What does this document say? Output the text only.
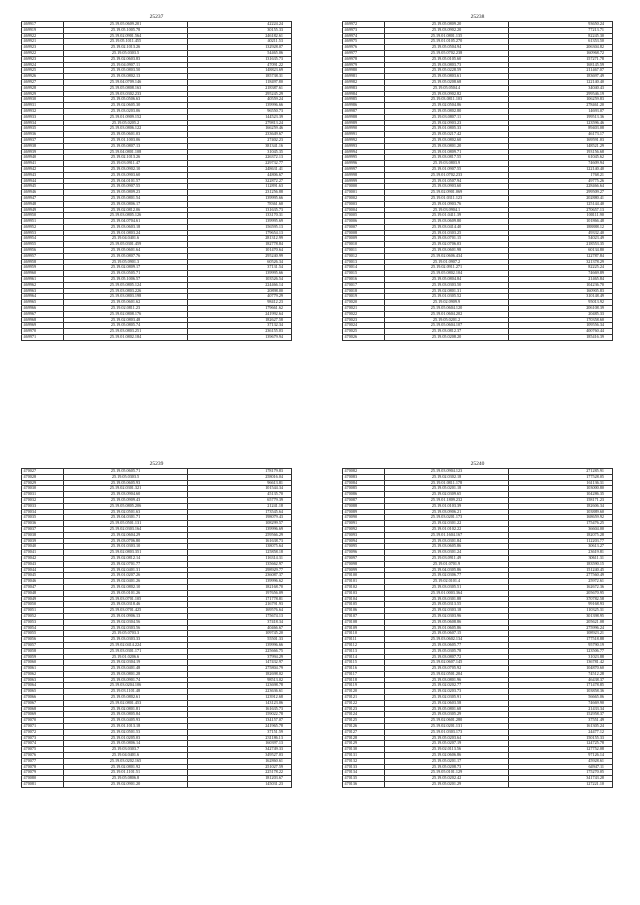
25237
469917	25.19.05.0609.201	42224.24
469919	25.19.05.1005.78	30155.33
469922	25.19.02.0901.564	246182.61
469921	25.19.05.1011.455	40211.53
469923	25.19.02.1013.26	132928.07
469922	25.19.05.0303.5	54465.06
469923	25.19.02.0603.83	131635.73
469924	25.19.04.0907.11	47091.22
469925	25.19.05.0803.50	148823.69
469926	25.19.03.0802.13	185738.31
469927	25.19.04.0709.146	118497.80
469928	25.19.05.0808.163	218387.61
469929	25.19.03.0302.233	295245.29
469930	25.19.05.0506.63	40559.24
469931	25.19.02.0605.30	139996.66
469932	25.19.03.0203.06	96550.73
469933	25.19.01.0909.152	144523.39
469934	25.19.05.0205.2	279813.24
469935	25.19.03.0806.122	166259.46
469936	25.19.05.0601.03	233649.67
469937	25.19.01.1003.06	27402.23
469938	25.19.05.0807.13	381341.16
469939	25.19.04.0801.108	31045.35
469940	25.19.02.1013.26	226372.13
469941	25.19.03.0911.47	229732.77
469942	25.19.03.0902.10	248631.41
469943	25.19.03.0903.60	44806.67
469944	25.19.04.0101.57	322872.27
469945	25.19.05.0907.55	112891.63
469946	25.19.05.0809.23	231256.88
469947	25.19.05.0801.54	139995.66
469948	25.19.03.0806.17	78361.60
469949	25.19.02.0812.06	131635.73
469950	25.19.03.0805.126	133170.31
469951	25.19.04.0704.61	139995.69
469952	25.19.03.0603.18	156595.13
469953	25.19.01.0803.24	179654.13
469954	25.19.04.0401.6	281312.99
469955	25.19.05.0301.459	182778.84
469956	25.19.05.0601.64	101470.64
469957	25.19.05.0807.76	295240.99
469958	25.19.05.0901.3	60526.34
469959	25.19.02.0809.17	37131.54
469960	25.19.03.0505.71	139995.66
469961	25.19.05.1006.57	103526.54
469962	25.19.05.0805.124	224466.14
469963	25.19.03.0803.226	20898.00
469964	25.19.03.0803.198	40779.29
469965	25.19.05.0601.62	98412.23
469966	25.19.02.0811.23	179661.62
469967	25.19.02.0808.176	241992.64
469968	25.19.02.0803.48	182627.58
469969	25.19.05.0805.74	37132.34
469970	25.19.03.0803.251	236155.03
469971	25.19.01.0802.184	139679.94
25238
469972	25.19.05.0809.20	93650.24
469973	25.19.03.0902.20	77213.71
469974	25.19.01.0801.135	82245.30
469975	25.19.01.0105.270	61353.50
469976	25.19.05.0504.94	206304.82
469977	25.19.05.0702.238	160968.72
469978	25.19.05.0105.60	157271.78
469979	25.19.03.0803.73	168145.59
469980	25.19.05.0228.59	211467.07
469981	25.19.05.0803.61	183697.49
469982	25.19.05.0208.68	122140.40
469983	25.19.05.0504.4	34040.43
469984	25.19.03.0902.82	299546.19
469985	25.19.03.0811.103	106259.83
469986	25.19.02.0504.86	278461.20
469987	25.19.05.0802.80	14693.07
469988	25.19.03.0807.11	199513.36
469989	25.19.02.0903.23	123596.46
469990	25.19.01.0805.33	89403.08
469991	25.19.05.0217.42	46173.17
469992	25.19.03.0802.60	169591.03
469993	25.19.03.0801.20	148521.29
469994	25.19.01.0809.71	193156.68
469995	25.19.03.0817.55	61045.62
469996	25.19.03.0803.9	74609.94
469997	25.19.01.0907.55	122140.40
469998	25.19.01.0702.233	1768.21
469999	25.19.01.0507.94	49775.26
470000	25.19.03.0903.60	228466.64
470001	25.19.02.0901.069	299509.27
470002	25.19.01.0311.123	202880.41
470003	25.19.01.0903.76	125144.40
470004	25.19.03.0904.1	270657.13
470005	25.19.01.0411.39	100111.90
470006	25.19.03.0609.80	101866.48
470007	25.19.03.0414.40	188888.12
470008	25.19.01.0303.25	49332.40
470009	25.19.03.0701.15	54023.49
470010	25.19.02.0706.03	218553.35
470011	25.19.03.0601.98	60134.80
470012	25.19.02.0606.434	122787.84
470013	25.19.01.0907.2	321378.29
470014	25.19.02.0911.271	82225.24
470015	25.19.05.0802.104	74669.89
470016	25.19.05.0804.84	21465.84
470017	25.19.03.0303.50	104236.70
470018	25.19.02.0801.31	160905.83
470019	25.19.01.0305.52	310148.49
470020	25.19.02.0909.9	95013.92
470021	25.19.05.0604.120	206108.39
470022	25.19.01.0604.202	20485.33
470023	25.19.05.0201.2	170358.60
470024	25.19.05.0604.107	109556.34
470025	25.19.03.0812.37	400760.44
470026	25.19.05.0208.20	185416.39
25239
470027	25.19.05.0605.71	178179.83
470028	25.19.05.0303.5	258016.04
470029	25.19.05.0605.93	96613.81
470030	25.19.02.0301.321	101544.34
470031	25.19.03.0904.60	45135.70
470032	25.19.05.0909.43	65779.39
470033	25.19.05.0805.206	21241.18
470034	25.19.02.0501.63	173545.64
470035	25.19.04.0301.71	198079.43
470036	25.19.05.0501.131	108299.57
470037	25.19.02.0303.164	139996.69
470038	25.19.02.0604.29	259566.29
470039	25.19.03.0706.80	161638.73
470040	25.19.01.0303.10	138075.64
470041	25.19.02.0803.351	125858.18
470042	25.19.02.0812.14	116314.31
470043	25.19.02.0701.77	135662.97
470044	25.19.02.0401.31	298929.77
470045	25.19.01.0207.26	236087.37
470046	25.19.02.0401.26	139996.62
470047	25.19.02.0802.10	182168.70
470048	25.19.05.0101.26	197656.09
470049	25.19.03.0701.105	171778.81
470050	25.19.03.0318.46	216791.93
470051	25.19.03.0701.425	169576.64
470052	25.19.01.0906.13	175674.13
470053	25.19.02.0304.56	37418.34
470054	25.19.02.0303.56	40466.67
470055	25.19.05.0703.3	109745.20
470056	25.19.03.0303.33	55501.33
470057	25.19.02.0414.224	139996.66
470058	25.19.03.0301.171	225666.75
470059	25.19.01.0206.6	37994.29
470060	25.19.02.0304.19	147432.97
470061	25.19.03.0401.48	275804.79
470062	25.19.03.0801.28	182698.02
470063	25.19.03.0901.74	98513.02
470064	25.19.03.0204.106	123698.78
470065	25.19.03.1101.48	223636.61
470066	25.19.05.0802.61	123912.68
470067	25.19.02.0801.453	143123.06
470068	25.19.02.0801.81	161635.73
470069	25.19.03.0805.84	159022.78
470070	25.19.03.0405.93	134157.07
470071	25.19.01.1013.18	241965.78
470072	25.19.02.0501.53	37151.59
470073	25.19.01.0205.03	231186.13
470074	25.19.05.0806.14	160397.13
470075	25.19.03.0303.7	342749.33
470076	25.19.04.0401.6	349527.03
470077	25.19.03.0202.165	162860.61
470078	25.19.02.0801.92	251027.59
470079	25.19.01.1101.51	225178.22
470080	25.19.05.0806.8	181203.67
470081	25.19.02.0901.20	145031.23
25240
470082	25.19.03.0904.123	271285.91
470083	25.19.02.0302.18	177528.05
470084	25.19.01.0811.178	161136.31
470085	25.19.05.0201.18	103000.80
470086	25.19.02.0309.65	104286.35
470087	25.19.01.1809.232	158171.23
470088	25.19.01.0103.39	182606.34
470089	25.19.03.0906.21	103889.60
470090	25.19.03.0201.173	168659.92
470091	25.19.02.0301.22	175476.25
470092	25.19.01.0102.22	36604.00
470093	25.19.01.1604.167	182075.28
470094	25.19.03.0301.84	112203.77
470095	25.19.03.0605.86	30613.27
470096	25.19.03.0301.24	23619.81
470097	25.19.03.0911.49	30611.31
470098	25.19.01.0701.9	183590.15
470099	25.19.04.0305.86	151240.45
470100	25.19.02.0306.77	277560.49
470101	25.19.02.0101.4	25972.61
470102	25.19.03.0305.51	162672.36
470103	25.19.01.0003.364	205670.95
470104	25.19.03.0301.88	370782.58
470105	25.19.05.0313.55	99168.93
470106	25.19.02.0303.18	110325.31
470107	25.19.02.0303.96	301398.95
470108	25.19.05.0608.86	205621.08
470109	25.19.01.0605.86	275996.24
470110	25.19.05.0607.15	108923.21
470111	25.19.03.0602.134	177518.88
470112	25.19.03.0605.77	95790.19
470113	25.19.05.0305.78	123506.77
470114	25.19.03.0807.72	31023.88
470115	25.19.02.0607.145	136781.42
470116	25.19.03.0705.92	104870.60
470117	25.19.02.0501.204	74512.28
470118	25.19.03.0801.96	46438.37
470119	25.19.02.0202.77	171478.85
470120	25.19.02.0203.73	103858.36
470121	25.19.02.0305.91	56665.06
470122	25.19.02.0603.58	74669.90
470123	25.19.05.0801.68	21433.34
470124	25.19.03.0305.29	152958.37
470125	25.19.02.0601.280	37551.49
470126	25.19.02.0201.131	161305.24
470127	25.19.01.0303.173	24477.12
470128	25.19.05.0203.64	150155.33
470129	25.19.05.0207.19	124725.78
470130	25.19.02.0113.56	127752.08
470131	25.19.02.0606.86	97126.14
470132	25.19.05.0201.17	45928.61
470133	25.19.05.0208.73	64947.11
470134	25.19.05.0101.129	175270.05
470135	25.19.05.0202.42	341743.28
470136	25.19.05.0201.29	127221.10
